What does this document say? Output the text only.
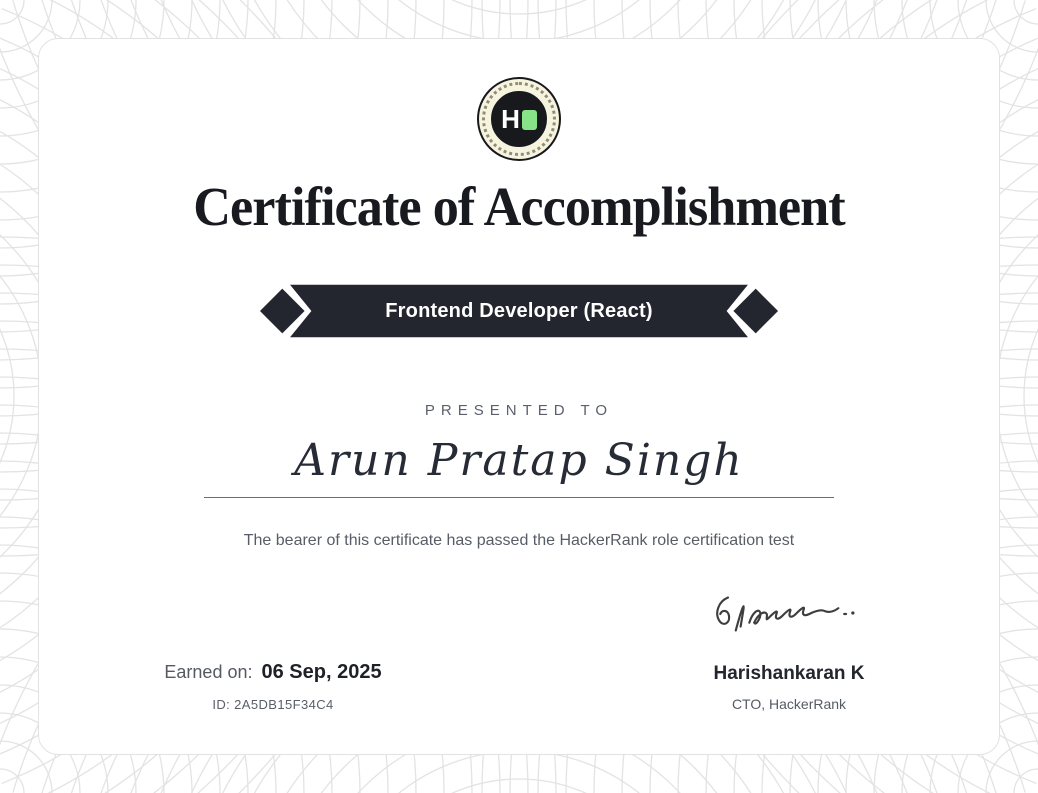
H
Certificate of Accomplishment
Frontend Developer (React)
PRESENTED TO
Arun Pratap Singh
The bearer of this certificate has passed the HackerRank role certification test
Earned on: 06 Sep, 2025
ID: 2A5DB15F34C4
Harishankaran K
CTO, HackerRank
